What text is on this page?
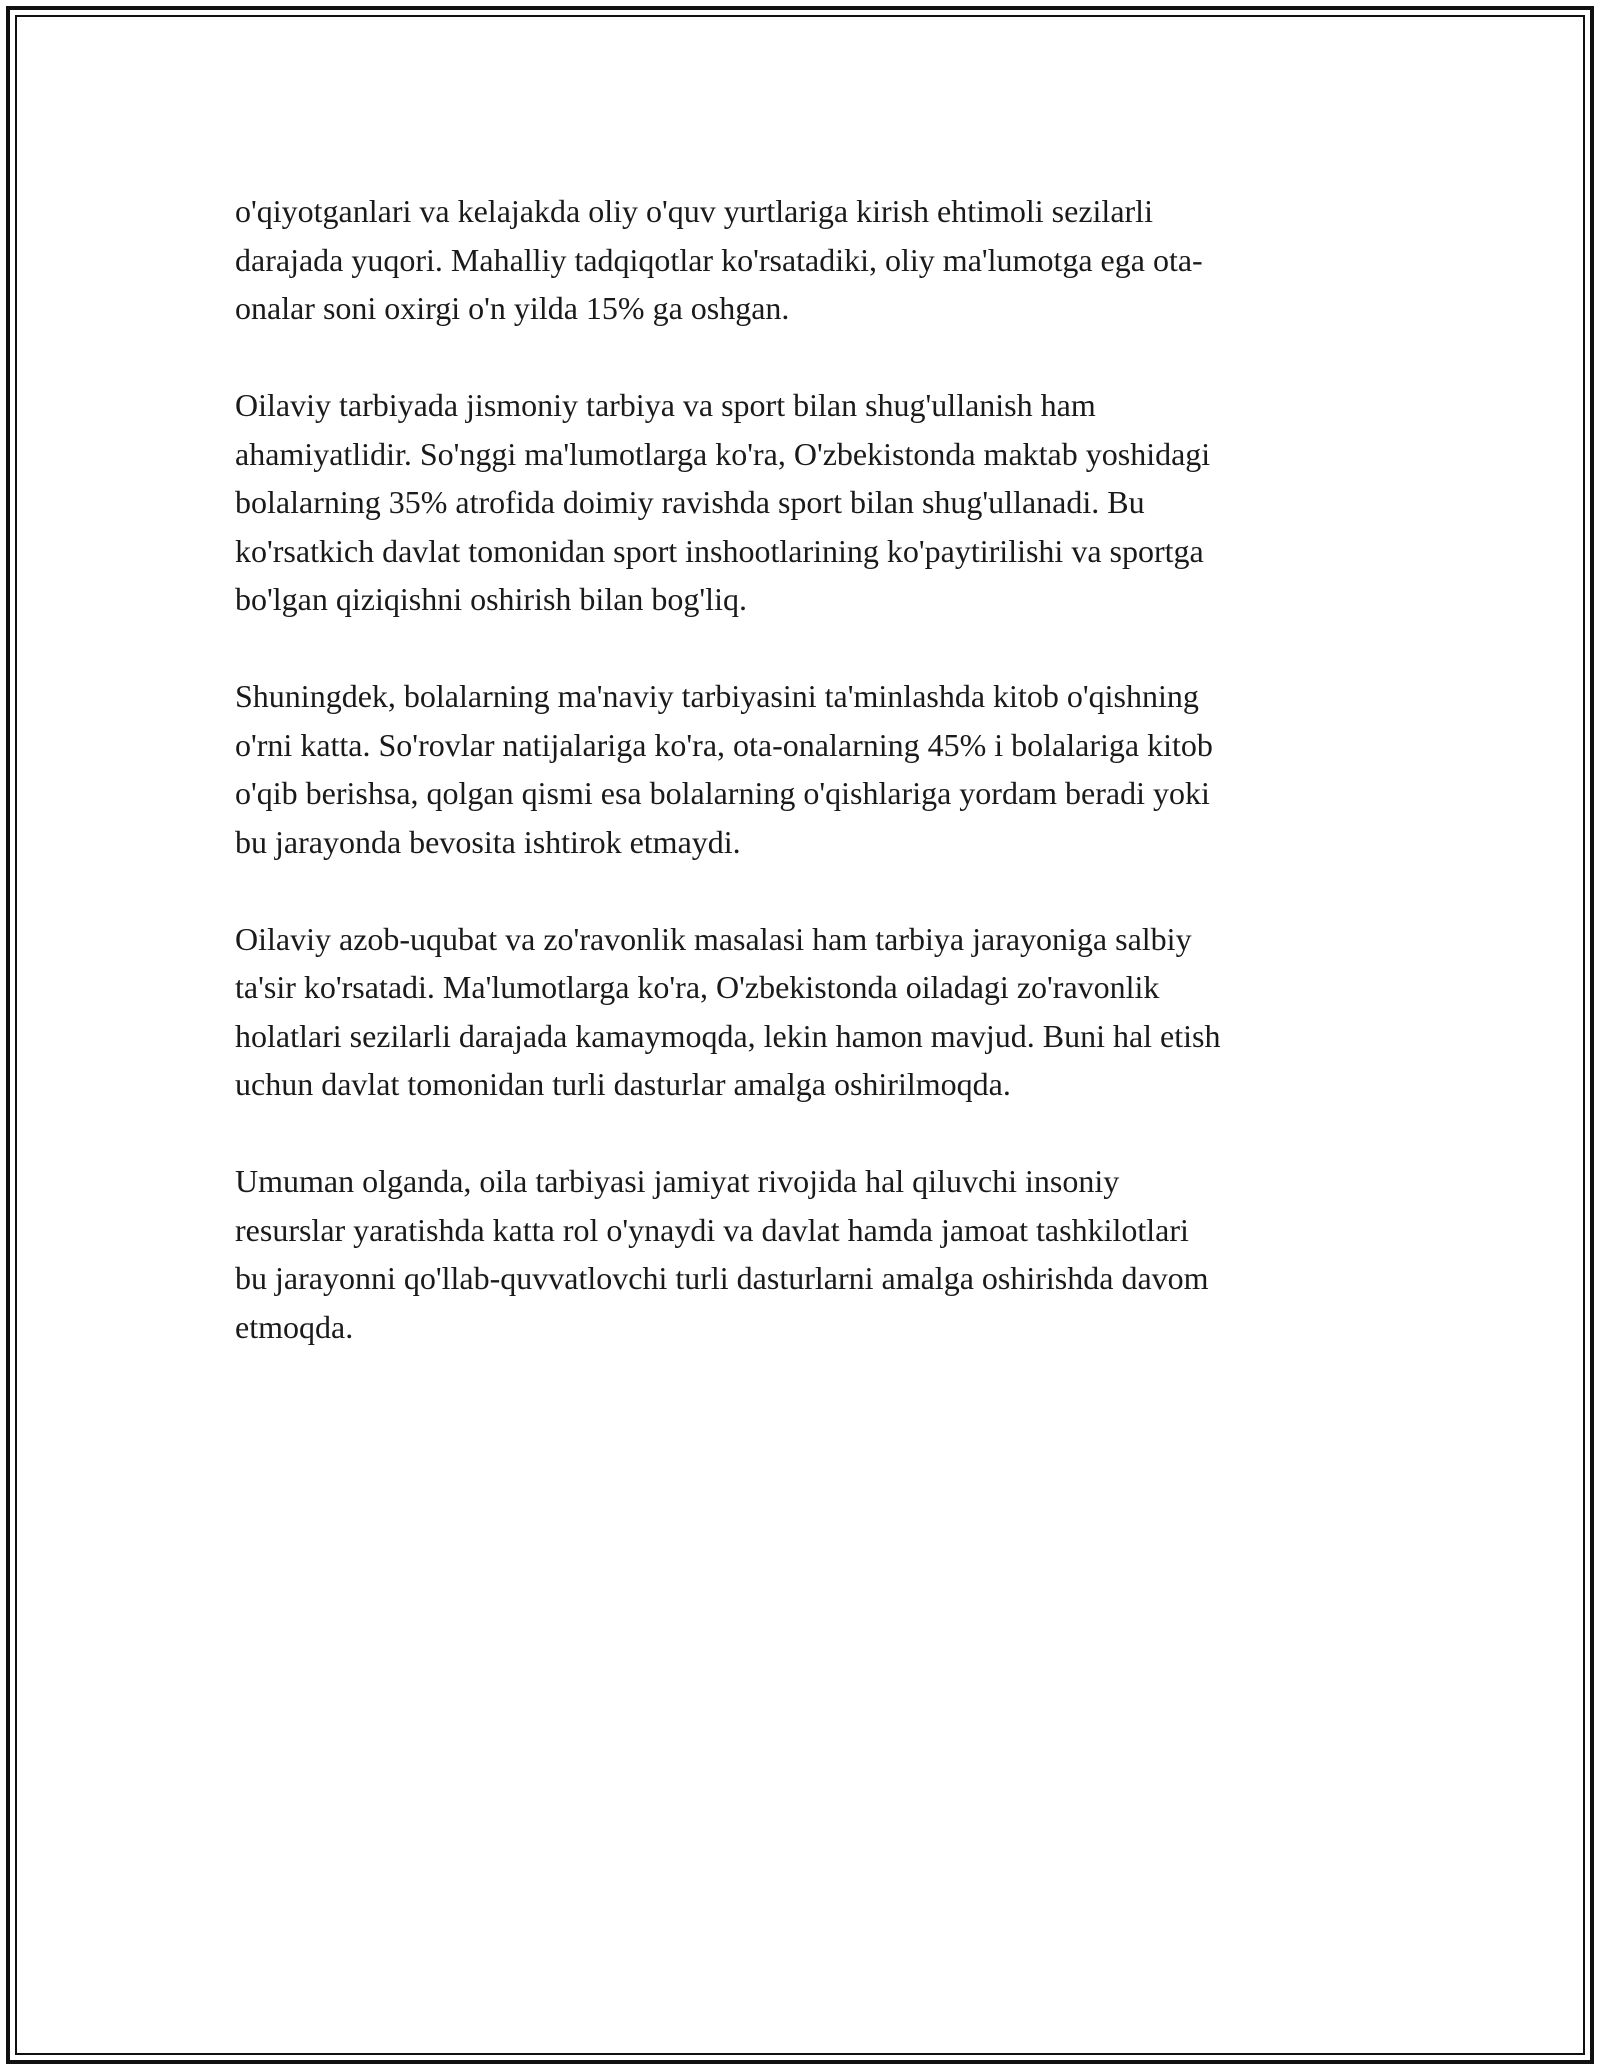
o'qiyotganlari va kelajakda oliy o'quv yurtlariga kirish ehtimoli sezilarli
darajada yuqori. Mahalliy tadqiqotlar ko'rsatadiki, oliy ma'lumotga ega ota-
onalar soni oxirgi o'n yilda 15% ga oshgan.

Oilaviy tarbiyada jismoniy tarbiya va sport bilan shug'ullanish ham
ahamiyatlidir. So'nggi ma'lumotlarga ko'ra, O'zbekistonda maktab yoshidagi
bolalarning 35% atrofida doimiy ravishda sport bilan shug'ullanadi. Bu
ko'rsatkich davlat tomonidan sport inshootlarining ko'paytirilishi va sportga
bo'lgan qiziqishni oshirish bilan bog'liq.

Shuningdek, bolalarning ma'naviy tarbiyasini ta'minlashda kitob o'qishning
o'rni katta. So'rovlar natijalariga ko'ra, ota-onalarning 45% i bolalariga kitob
o'qib berishsa, qolgan qismi esa bolalarning o'qishlariga yordam beradi yoki
bu jarayonda bevosita ishtirok etmaydi.

Oilaviy azob-uqubat va zo'ravonlik masalasi ham tarbiya jarayoniga salbiy
ta'sir ko'rsatadi. Ma'lumotlarga ko'ra, O'zbekistonda oiladagi zo'ravonlik
holatlari sezilarli darajada kamaymoqda, lekin hamon mavjud. Buni hal etish
uchun davlat tomonidan turli dasturlar amalga oshirilmoqda.

Umuman olganda, oila tarbiyasi jamiyat rivojida hal qiluvchi insoniy
resurslar yaratishda katta rol o'ynaydi va davlat hamda jamoat tashkilotlari
bu jarayonni qo'llab-quvvatlovchi turli dasturlarni amalga oshirishda davom
etmoqda.
